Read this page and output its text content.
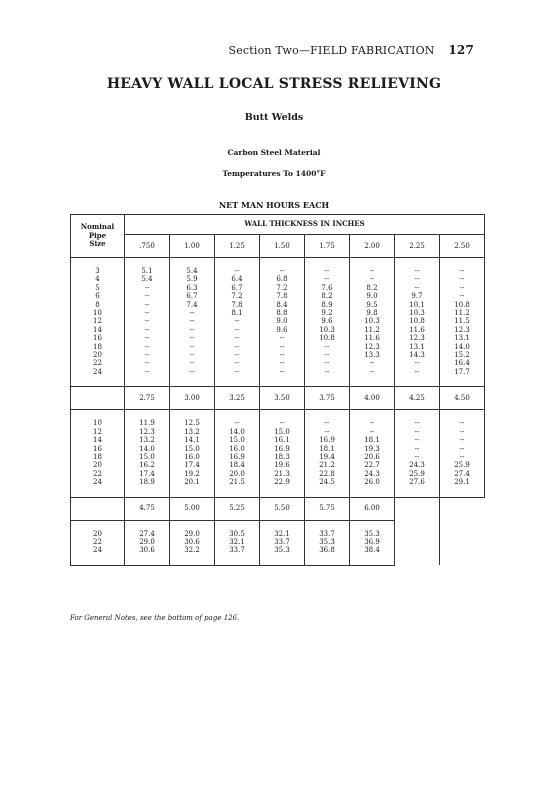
Section Two—FIELD FABRICATION 127
HEAVY WALL LOCAL STRESS RELIEVING
Butt Welds
Carbon Steel Material
Temperatures To 1400°F
NET MAN HOURS EACH
Nominal
Pipe
Size	WALL THICKNESS IN INCHES							
	.750	1.00	1.25	1.50	1.75	2.00	2.25	2.50

3	5.1	5.4	--	--	--	--	--	--
4	5.4	5.9	6.4	6.8	--	--	--	--
5	--	6.3	6.7	7.2	7.6	8.2	--	--
6	--	6.7	7.2	7.8	8.2	9.0	9.7	--
8	--	7.4	7.8	8.4	8.9	9.5	10.1	10.8
10	--	--	8.1	8.8	9.2	9.8	10.3	11.2
12	--	--	--	9.0	9.6	10.3	10.8	11.5
14	--	--	--	9.6	10.3	11.2	11.6	12.3
16	--	--	--	--	10.8	11.6	12.3	13.1
18	--	--	--	--	--	12.3	13.1	14.0
20	--	--	--	--	--	13.3	14.3	15.2
22	--	--	--	--	--	--	--	16.4
24	--	--	--	--	--	--	--	17.7

	2.75	3.00	3.25	3.50	3.75	4.00	4.25	4.50

10	11.9	12.5	--	--	--	--	--	--
12	12.3	13.2	14.0	15.0	--	--	--	--
14	13.2	14.1	15.0	16.1	16.9	18.1	--	--
16	14.0	15.0	16.0	16.9	18.1	19.3	--	--
18	15.0	16.0	16.9	18.3	19.4	20.6	--	--
20	16.2	17.4	18.4	19.6	21.2	22.7	24.3	25.9
22	17.4	19.2	20.0	21.3	22.8	24.3	25.9	27.4
24	18.9	20.1	21.5	22.9	24.5	26.0	27.6	29.1

	4.75	5.00	5.25	5.50	5.75	6.00		

20	27.4	29.0	30.5	32.1	33.7	35.3		
22	29.0	30.6	32.1	33.7	35.3	36.9		
24	30.6	32.2	33.7	35.3	36.8	38.4		

For General Notes, see the bottom of page 126.
